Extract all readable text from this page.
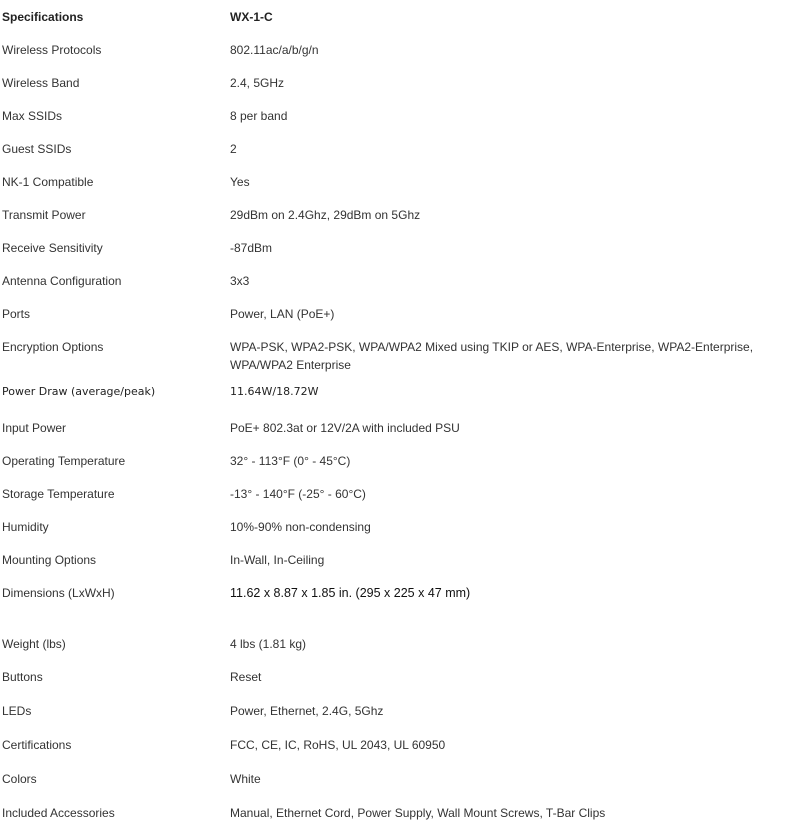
Specifications	WX-1-C
Wireless Protocols	802.11ac/a/b/g/n
Wireless Band	2.4, 5GHz
Max SSIDs	8 per band
Guest SSIDs	2
NK-1 Compatible	Yes
Transmit Power	29dBm on 2.4Ghz, 29dBm on 5Ghz
Receive Sensitivity	-87dBm
Antenna Configuration	3x3
Ports	Power, LAN (PoE+)
Encryption Options	WPA-PSK, WPA2-PSK, WPA/WPA2 Mixed using TKIP or AES, WPA-Enterprise, WPA2-Enterprise, WPA/WPA2 Enterprise
Power Draw (average/peak)	11.64W/18.72W
Input Power	PoE+ 802.3at or 12V/2A with included PSU
Operating Temperature	32° - 113°F (0° - 45°C)
Storage Temperature	-13° - 140°F (-25° - 60°C)
Humidity	10%-90% non-condensing
Mounting Options	In-Wall, In-Ceiling
Dimensions (LxWxH)	11.62 x 8.87 x 1.85 in. (295 x 225 x 47 mm)
Weight (lbs)	4 lbs (1.81 kg)
Buttons	Reset
LEDs	Power, Ethernet, 2.4G, 5Ghz
Certifications	FCC, CE, IC, RoHS, UL 2043, UL 60950
Colors	White
Included Accessories	Manual, Ethernet Cord, Power Supply, Wall Mount Screws, T-Bar Clips
